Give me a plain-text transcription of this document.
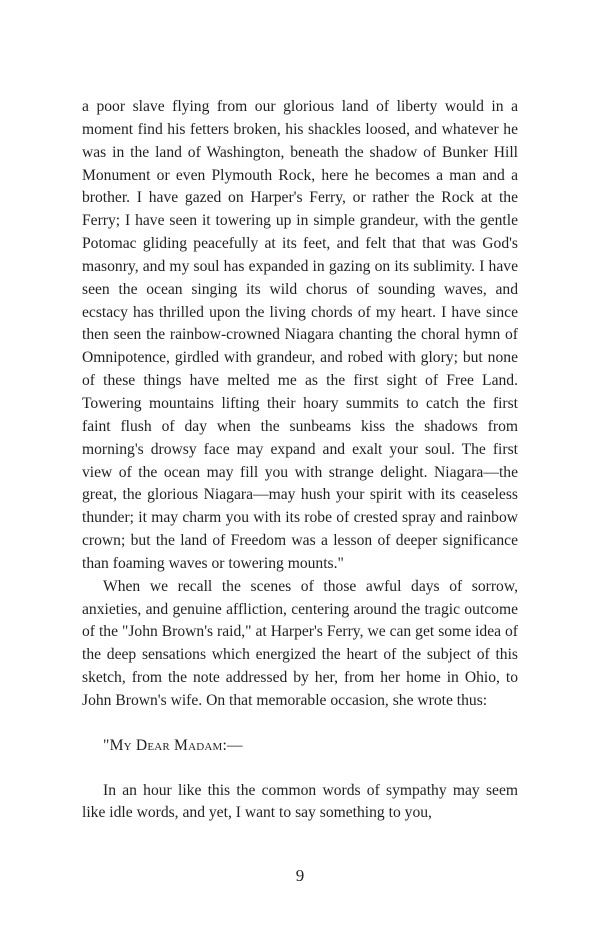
a poor slave flying from our glorious land of liberty would in a moment find his fetters broken, his shackles loosed, and whatever he was in the land of Washington, beneath the shadow of Bunker Hill Monument or even Plymouth Rock, here he becomes a man and a brother. I have gazed on Harper's Ferry, or rather the Rock at the Ferry; I have seen it towering up in simple grandeur, with the gentle Potomac gliding peacefully at its feet, and felt that that was God's masonry, and my soul has expanded in gazing on its sublimity. I have seen the ocean singing its wild chorus of sounding waves, and ecstacy has thrilled upon the living chords of my heart. I have since then seen the rainbow-crowned Niagara chanting the choral hymn of Omnipotence, girdled with grandeur, and robed with glory; but none of these things have melted me as the first sight of Free Land. Towering mountains lifting their hoary summits to catch the first faint flush of day when the sunbeams kiss the shadows from morning's drowsy face may expand and exalt your soul. The first view of the ocean may fill you with strange delight. Niagara—the great, the glorious Niagara—may hush your spirit with its ceaseless thunder; it may charm you with its robe of crested spray and rainbow crown; but the land of Freedom was a lesson of deeper significance than foaming waves or towering mounts."

When we recall the scenes of those awful days of sorrow, anxieties, and genuine affliction, centering around the tragic outcome of the "John Brown's raid," at Harper's Ferry, we can get some idea of the deep sensations which energized the heart of the subject of this sketch, from the note addressed by her, from her home in Ohio, to John Brown's wife. On that memorable occasion, she wrote thus:

"My Dear Madam:—

In an hour like this the common words of sympathy may seem like idle words, and yet, I want to say something to you,

9
